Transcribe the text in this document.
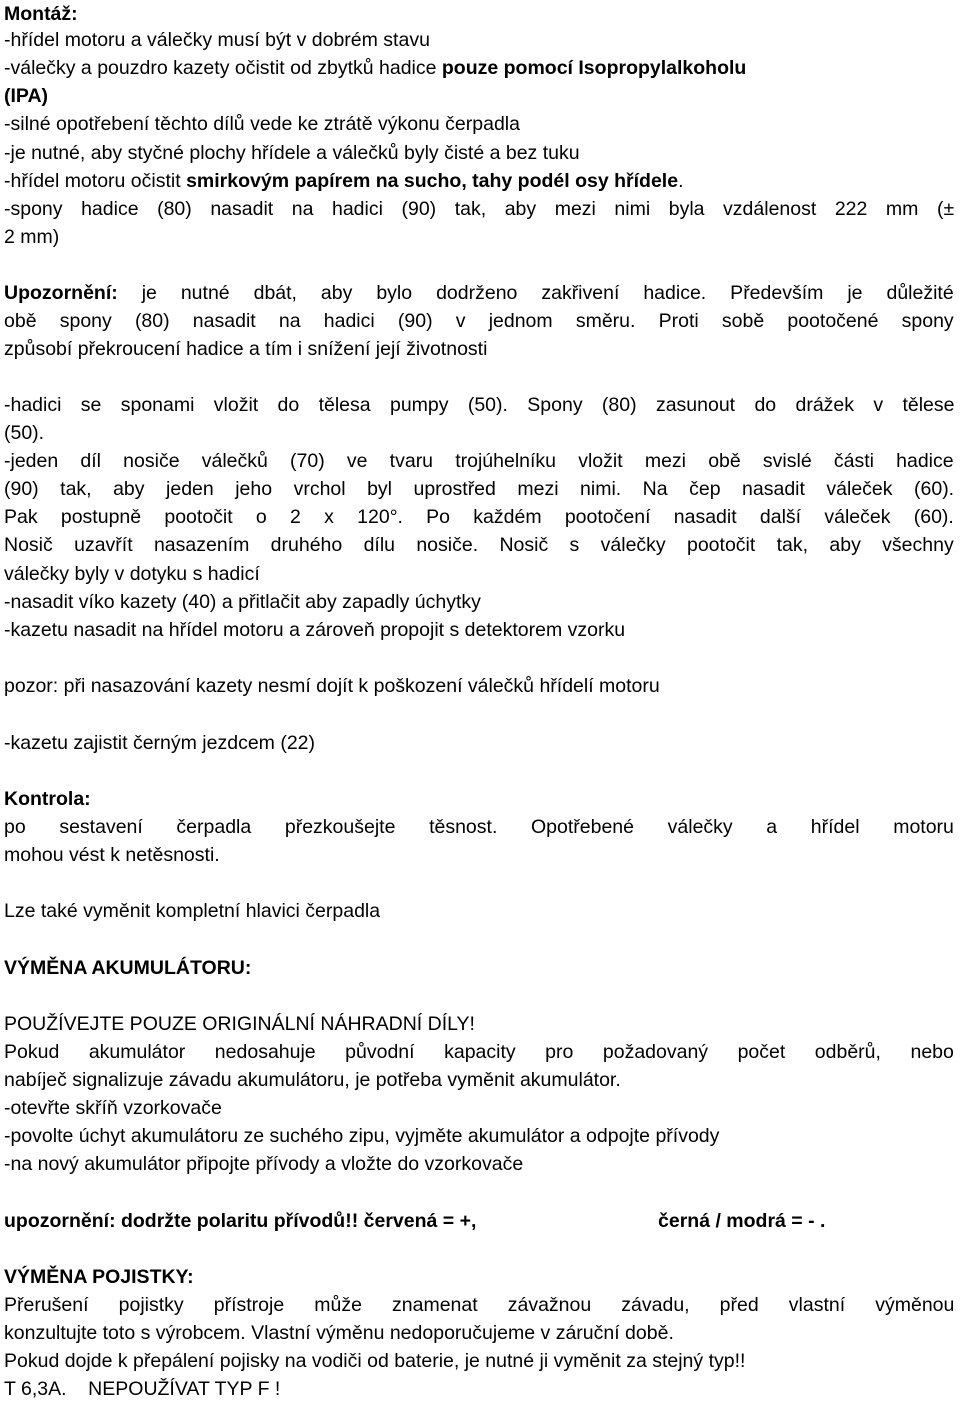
Montáž:
-hřídel motoru a válečky musí být v dobrém stavu
-válečky a pouzdro kazety očistit od zbytků hadice pouze pomocí Isopropylalkoholu
(IPA)
-silné opotřebení těchto dílů vede ke ztrátě výkonu čerpadla
-je nutné, aby styčné plochy hřídele a válečků byly čisté a bez tuku
-hřídel motoru očistit smirkovým papírem na sucho, tahy podél osy hřídele.
-spony hadice (80) nasadit na hadici (90) tak, aby mezi nimi byla vzdálenost 222 mm (±
2 mm)
Upozornění: je nutné dbát, aby bylo dodrženo zakřivení hadice. Především je důležité
obě spony (80) nasadit na hadici (90) v jednom směru. Proti sobě pootočené spony
způsobí překroucení hadice a tím i snížení její životnosti
-hadici se sponami vložit do tělesa pumpy (50). Spony (80) zasunout do drážek v tělese
(50).
-jeden díl nosiče válečků (70) ve tvaru trojúhelníku vložit mezi obě svislé části hadice
(90) tak, aby jeden jeho vrchol byl uprostřed mezi nimi. Na čep nasadit váleček (60).
Pak postupně pootočit o 2 x 120°. Po každém pootočení nasadit další váleček (60).
Nosič uzavřít nasazením druhého dílu nosiče. Nosič s válečky pootočit tak, aby všechny
válečky byly v dotyku s hadicí
-nasadit víko kazety (40) a přitlačit aby zapadly úchytky
-kazetu nasadit na hřídel motoru a zároveň propojit s detektorem vzorku
pozor: při nasazování kazety nesmí dojít k poškození válečků hřídelí motoru
-kazetu zajistit černým jezdcem (22)
Kontrola:
po sestavení čerpadla přezkoušejte těsnost. Opotřebené válečky a hřídel motoru
mohou vést k netěsnosti.
Lze také vyměnit kompletní hlavici čerpadla
VÝMĚNA AKUMULÁTORU:
POUŽÍVEJTE POUZE ORIGINÁLNÍ NÁHRADNÍ DÍLY!
Pokud akumulátor nedosahuje původní kapacity pro požadovaný počet odběrů, nebo
nabíječ signalizuje závadu akumulátoru, je potřeba vyměnit akumulátor.
-otevřte skříň vzorkovače
-povolte úchyt akumulátoru ze suchého zipu, vyjměte akumulátor a odpojte přívody
-na nový akumulátor připojte přívody a vložte do vzorkovače
upozornění: dodržte polaritu přívodů!! červená = +,	černá / modrá = - .
VÝMĚNA POJISTKY:
Přerušení pojistky přístroje může znamenat závažnou závadu, před vlastní výměnou
konzultujte toto s výrobcem. Vlastní výměnu nedoporučujeme v záruční době.
Pokud dojde k přepálení pojisky na vodiči od baterie, je nutné ji vyměnit za stejný typ!!
T 6,3A.    NEPOUŽÍVAT TYP F !
